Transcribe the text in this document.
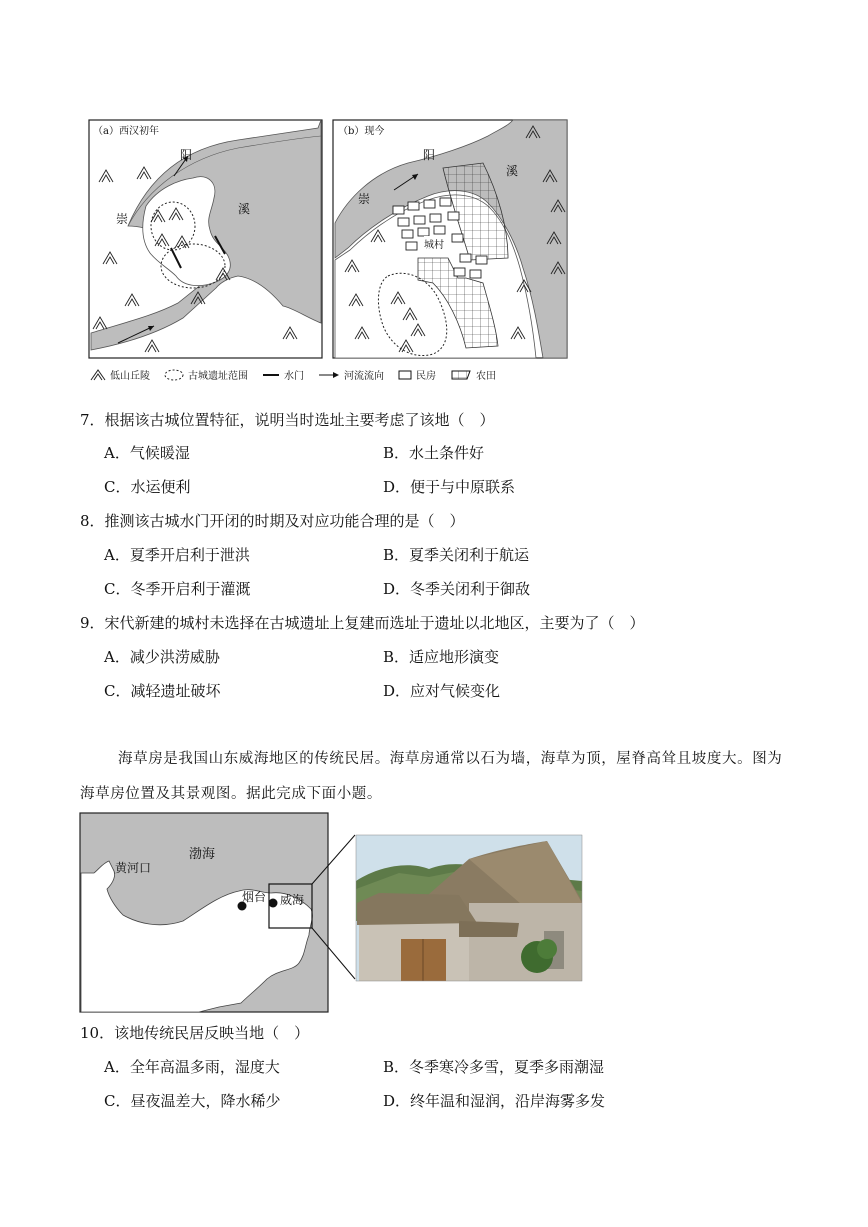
（a）西汉初年	（b）现今
崇
阳
溪
崇
阳
溪
城村
低山丘陵	古城遗址范围	水门	河流流向	民房	农田
7．根据该古城位置特征，说明当时选址主要考虑了该地（　）
A．气候暖湿	B．水土条件好
C．水运便利	D．便于与中原联系
8．推测该古城水门开闭的时期及对应功能合理的是（　）
A．夏季开启利于泄洪	B．夏季关闭利于航运
C．冬季开启利于灌溉	D．冬季关闭利于御敌
9．宋代新建的城村未选择在古城遗址上复建而选址于遗址以北地区，主要为了（　）
A．减少洪涝威胁	B．适应地形演变
C．减轻遗址破坏	D．应对气候变化
海草房是我国山东威海地区的传统民居。海草房通常以石为墙，海草为顶，屋脊高耸且坡度大。图为
海草房位置及其景观图。据此完成下面小题。
渤海
黄河口
烟台 威海
10．该地传统民居反映当地（　）
A．全年高温多雨，湿度大	B．冬季寒冷多雪，夏季多雨潮湿
C．昼夜温差大，降水稀少	D．终年温和湿润，沿岸海雾多发
